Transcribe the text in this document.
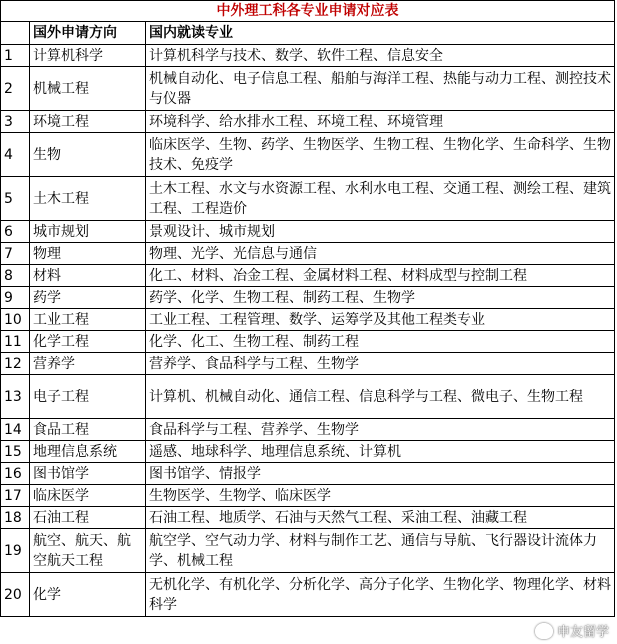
中外理工科各专业申请对应表		
	国外申请方向	国内就读专业
1	计算机科学	计算机科学与技术、数学、软件工程、信息安全
2	机械工程	机械自动化、电子信息工程、船舶与海洋工程、热能与动力工程、测控技术与仪器
3	环境工程	环境科学、给水排水工程、环境工程、环境管理
4	生物	临床医学、生物、药学、生物医学、生物工程、生物化学、生命科学、生物技术、免疫学
5	土木工程	土木工程、水文与水资源工程、水利水电工程、交通工程、测绘工程、建筑工程、工程造价
6	城市规划	景观设计、城市规划
7	物理	物理、光学、光信息与通信
8	材料	化工、材料、冶金工程、金属材料工程、材料成型与控制工程
9	药学	药学、化学、生物工程、制药工程、生物学
10	工业工程	工业工程、工程管理、数学、运筹学及其他工程类专业
11	化学工程	化学、化工、生物工程、制药工程
12	营养学	营养学、食品科学与工程、生物学
13	电子工程	计算机、机械自动化、通信工程、信息科学与工程、微电子、生物工程
14	食品工程	食品科学与工程、营养学、生物学
15	地理信息系统	遥感、地球科学、地理信息系统、计算机
16	图书馆学	图书馆学、情报学
17	临床医学	生物医学、生物学、临床医学
18	石油工程	石油工程、地质学、石油与天然气工程、采油工程、油藏工程
19	航空、航天、航空航天工程	航空学、空气动力学、材料与制作工艺、通信与导航、飞行器设计流体力学、机械工程
20	化学	无机化学、有机化学、分析化学、高分子化学、生物化学、物理化学、材料科学
申友留学
